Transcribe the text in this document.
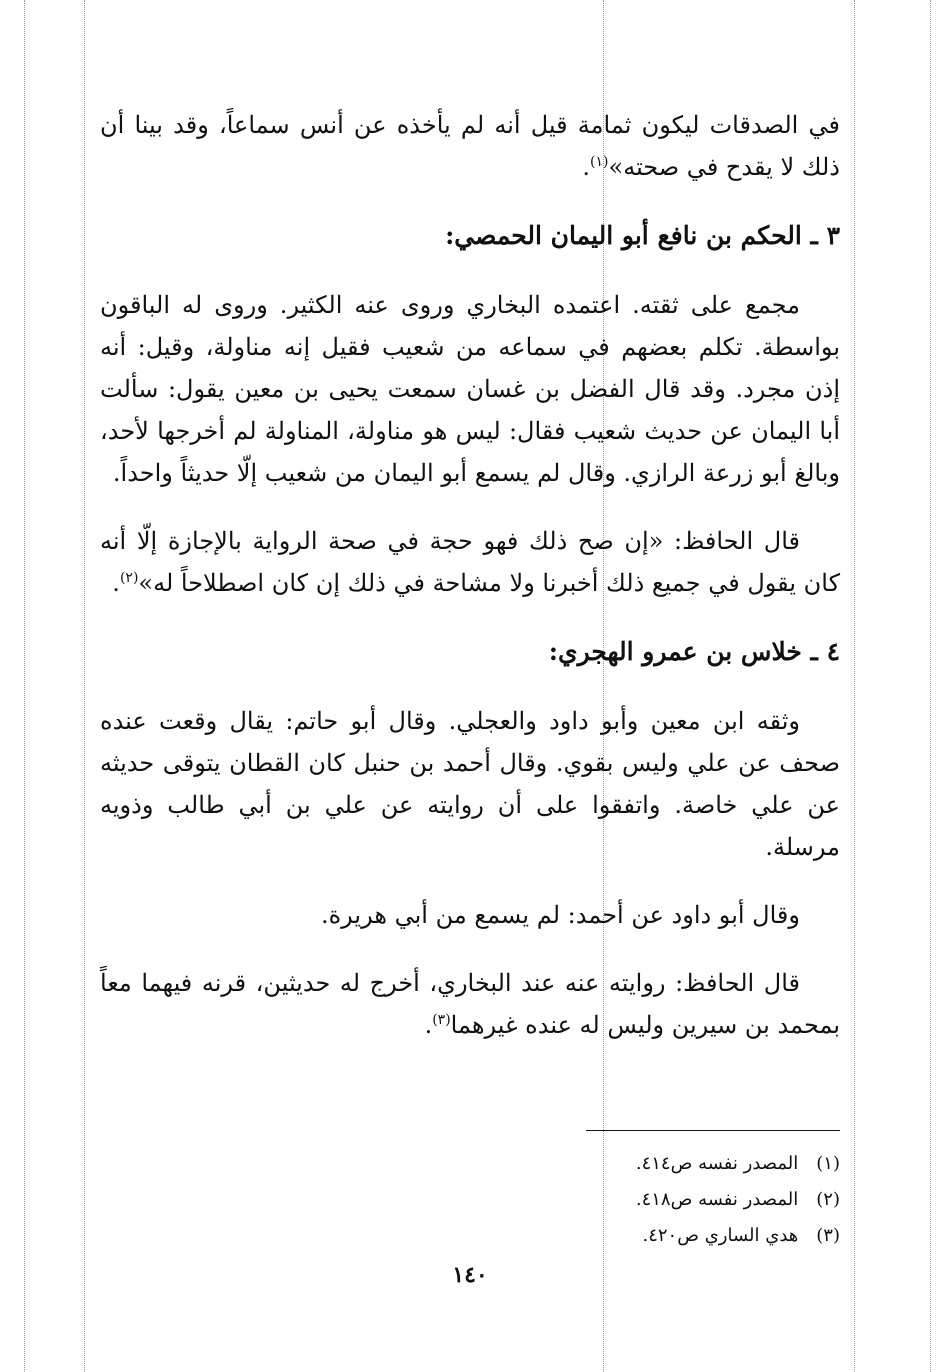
في الصدقات ليكون ثمامة قيل أنه لم يأخذه عن أنس سماعاً، وقد بينا أن ذلك لا يقدح في صحته»$^{(١)}$.

٣ ـ الحكم بن نافع أبو اليمان الحمصي:

مجمع على ثقته. اعتمده البخاري وروى عنه الكثير. وروى له الباقون بواسطة. تكلم بعضهم في سماعه من شعيب فقيل إنه مناولة، وقيل: أنه إذن مجرد. وقد قال الفضل بن غسان سمعت يحيى بن معين يقول: سألت أبا اليمان عن حديث شعيب فقال: ليس هو مناولة، المناولة لم أخرجها لأحد، وبالغ أبو زرعة الرازي. وقال لم يسمع أبو اليمان من شعيب إلّا حديثاً واحداً.

قال الحافظ: «إن صح ذلك فهو حجة في صحة الرواية بالإجازة إلّا أنه كان يقول في جميع ذلك أخبرنا ولا مشاحة في ذلك إن كان اصطلاحاً له»$^{(٢)}$.

٤ ـ خلاس بن عمرو الهجري:

وثقه ابن معين وأبو داود والعجلي. وقال أبو حاتم: يقال وقعت عنده صحف عن علي وليس بقوي. وقال أحمد بن حنبل كان القطان يتوقى حديثه عن علي خاصة. واتفقوا على أن روايته عن علي بن أبي طالب وذويه مرسلة.

وقال أبو داود عن أحمد: لم يسمع من أبي هريرة.

قال الحافظ: روايته عنه عند البخاري، أخرج له حديثين، قرنه فيهما معاً بمحمد بن سيرين وليس له عنده غيرهما$^{(٣)}$.

(١) المصدر نفسه ص٤١٤.
(٢) المصدر نفسه ص٤١٨.
(٣) هدي الساري ص٤٢٠.
١٤٠
